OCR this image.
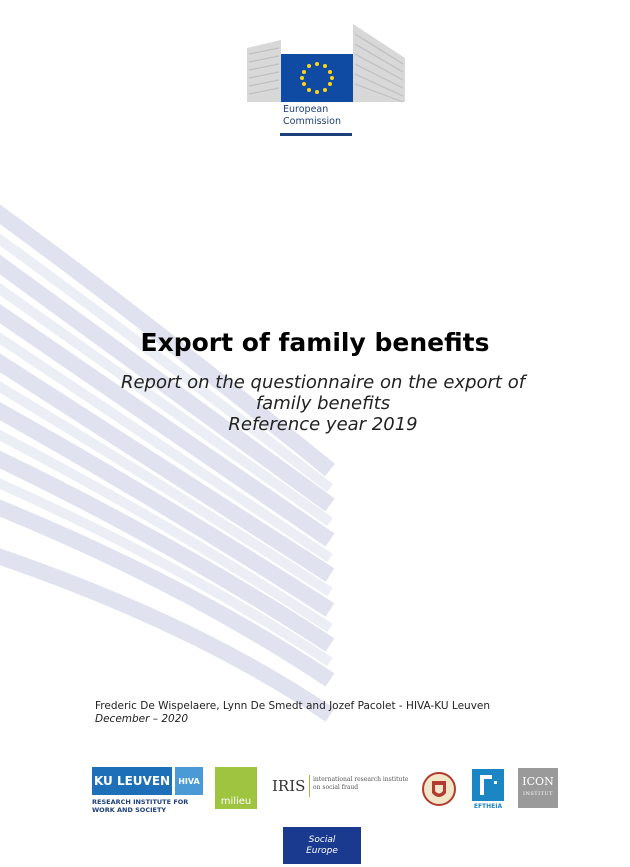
European
Commission
Export of family benefits
Report on the questionnaire on the export of
family benefits
Reference year 2019
Frederic De Wispelaere, Lynn De Smedt and Jozef Pacolet - HIVA-KU Leuven
December – 2020
KU LEUVEN	HIVA
RESEARCH INSTITUTE FOR
WORK AND SOCIETY
milieu
IRIS international research institute
on social fraud
EFTHEIA
ICON
INSTITUT
Social
Europe
